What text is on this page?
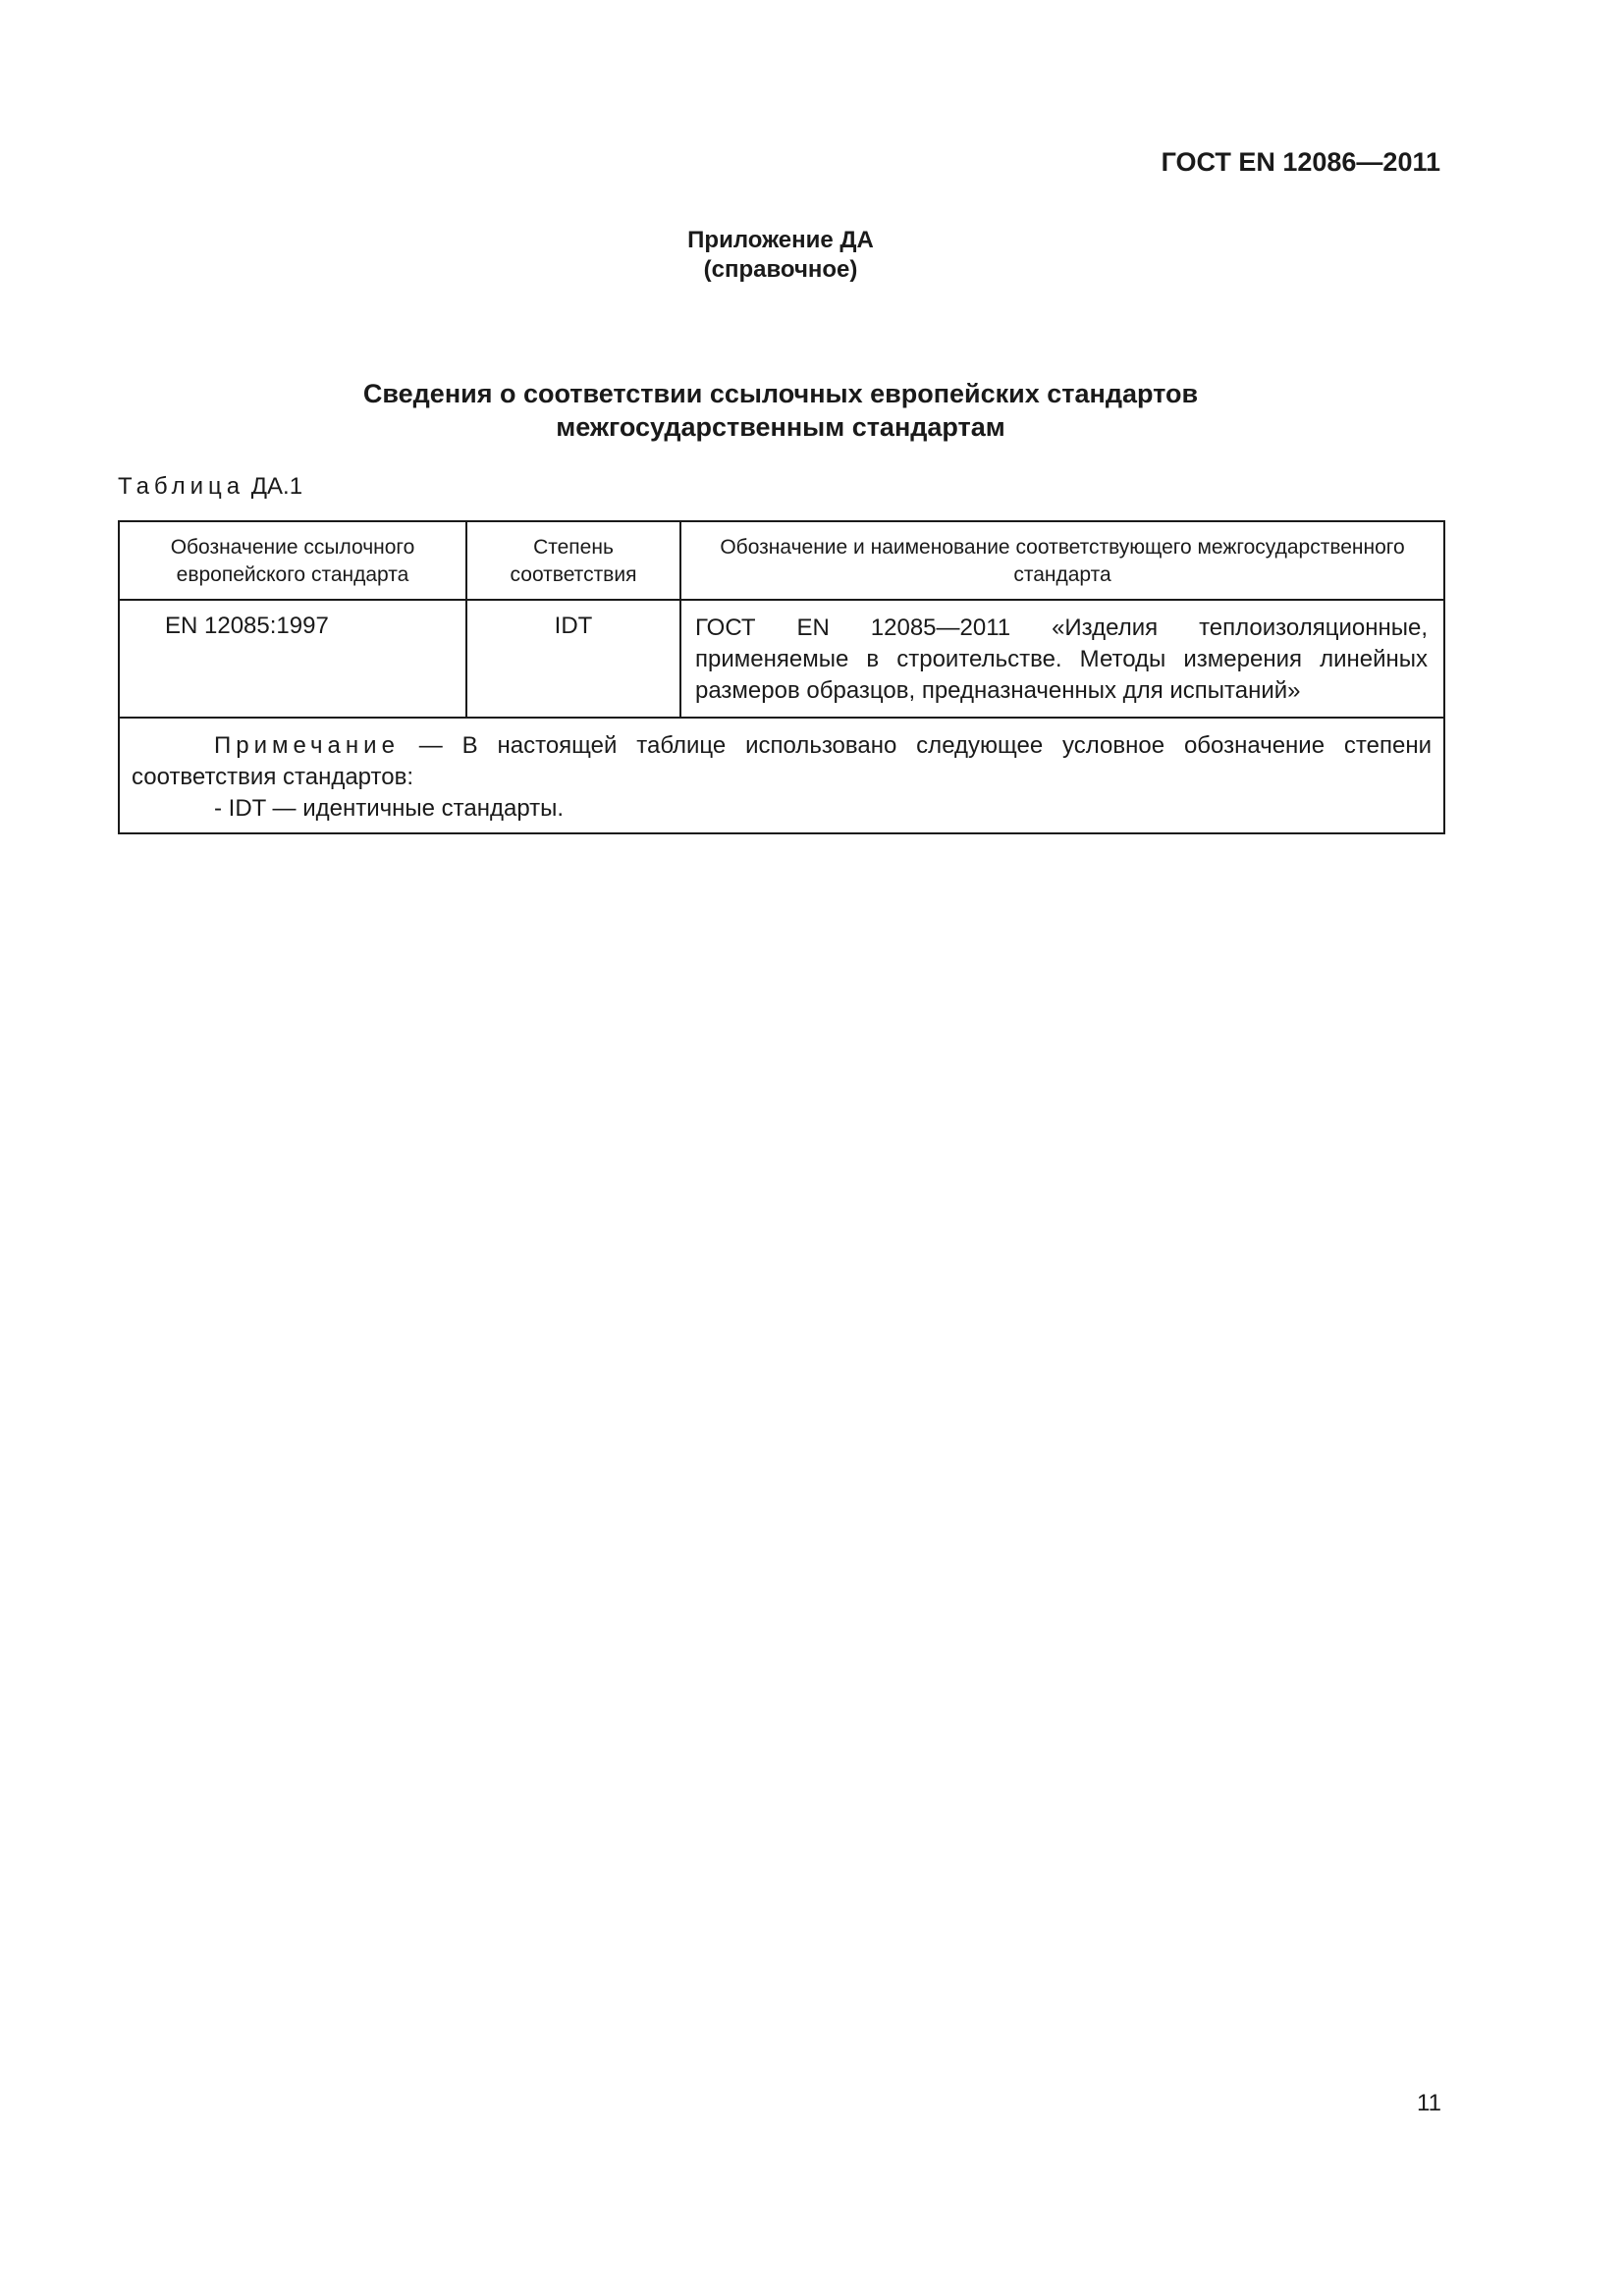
ГОСТ EN 12086—2011
Приложение ДА
(справочное)
Сведения о соответствии ссылочных европейских стандартов
межгосударственным стандартам
Таблица ДА.1
Обозначение ссылочного европейского стандарта	Степень соответствия	Обозначение и наименование соответствующего межгосударственного стандарта
EN 12085:1997	IDT	ГОСТ EN 12085—2011 «Изделия теплоизоляционные, применяемые в строительстве. Методы измерения линейных размеров образцов, предназначенных для испытаний»

Примечание — В настоящей таблице использовано следующее условное обозначение степени соответствия стандартов:
- IDT — идентичные стандарты.		
11
